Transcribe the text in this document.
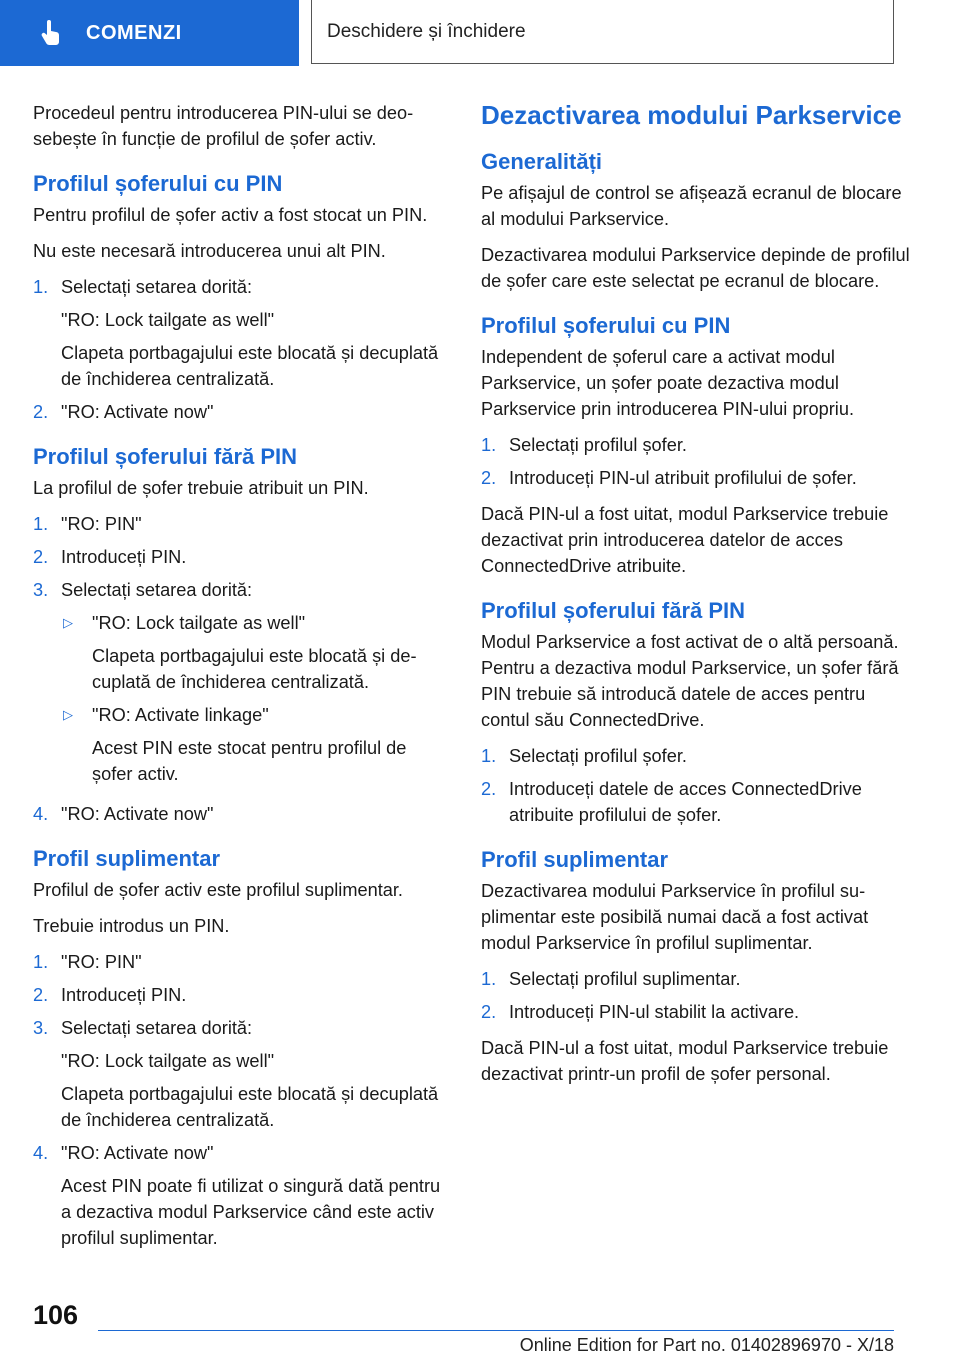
COMENZI	Deschidere și închidere

Procedeul pentru introducerea PIN-ului se deosebește în funcție de profilul de șofer activ.

Profilul șoferului cu PIN

Pentru profilul de șofer activ a fost stocat un PIN.

Nu este necesară introducerea unui alt PIN.

1. Selectați setarea dorită:
"RO: Lock tailgate as well"
Clapeta portbagajului este blocată și decuplată de închiderea centralizată.
2. "RO: Activate now"
Profilul șoferului fără PIN

La profilul de șofer trebuie atribuit un PIN.

1. "RO: PIN"
2. Introduceți PIN.
3. Selectați setarea dorită:
▷	"RO: Lock tailgate as well"
Clapeta portbagajului este blocată și decuplată de închiderea centralizată.
▷	"RO: Activate linkage"
Acest PIN este stocat pentru profilul de șofer activ.
4. "RO: Activate now"
Profil suplimentar

Profilul de șofer activ este profilul suplimentar.

Trebuie introdus un PIN.

1. "RO: PIN"
2. Introduceți PIN.
3. Selectați setarea dorită:
"RO: Lock tailgate as well"
Clapeta portbagajului este blocată și decuplată de închiderea centralizată.
4. "RO: Activate now"
Acest PIN poate fi utilizat o singură dată pentru a dezactiva modul Parkservice când este activ profilul suplimentar.
Dezactivarea modului Parkservice
Generalități

Pe afișajul de control se afișează ecranul de blocare al modului Parkservice.

Dezactivarea modului Parkservice depinde de profilul de șofer care este selectat pe ecranul de blocare.

Profilul șoferului cu PIN

Independent de șoferul care a activat modul Parkservice, un șofer poate dezactiva modul Parkservice prin introducerea PIN-ului propriu.

1. Selectați profilul șofer.
2. Introduceți PIN-ul atribuit profilului de șofer.

Dacă PIN-ul a fost uitat, modul Parkservice trebuie dezactivat prin introducerea datelor de acces ConnectedDrive atribuite.

Profilul șoferului fără PIN

Modul Parkservice a fost activat de o altă persoană. Pentru a dezactiva modul Parkservice, un șofer fără PIN trebuie să introducă datele de acces pentru contul său ConnectedDrive.

1. Selectați profilul șofer.
2. Introduceți datele de acces ConnectedDrive atribuite profilului de șofer.
Profil suplimentar

Dezactivarea modului Parkservice în profilul suplimentar este posibilă numai dacă a fost activat modul Parkservice în profilul suplimentar.

1. Selectați profilul suplimentar.
2. Introduceți PIN-ul stabilit la activare.

Dacă PIN-ul a fost uitat, modul Parkservice trebuie dezactivat printr-un profil de șofer personal.

106
Online Edition for Part no. 01402896970 - X/18
